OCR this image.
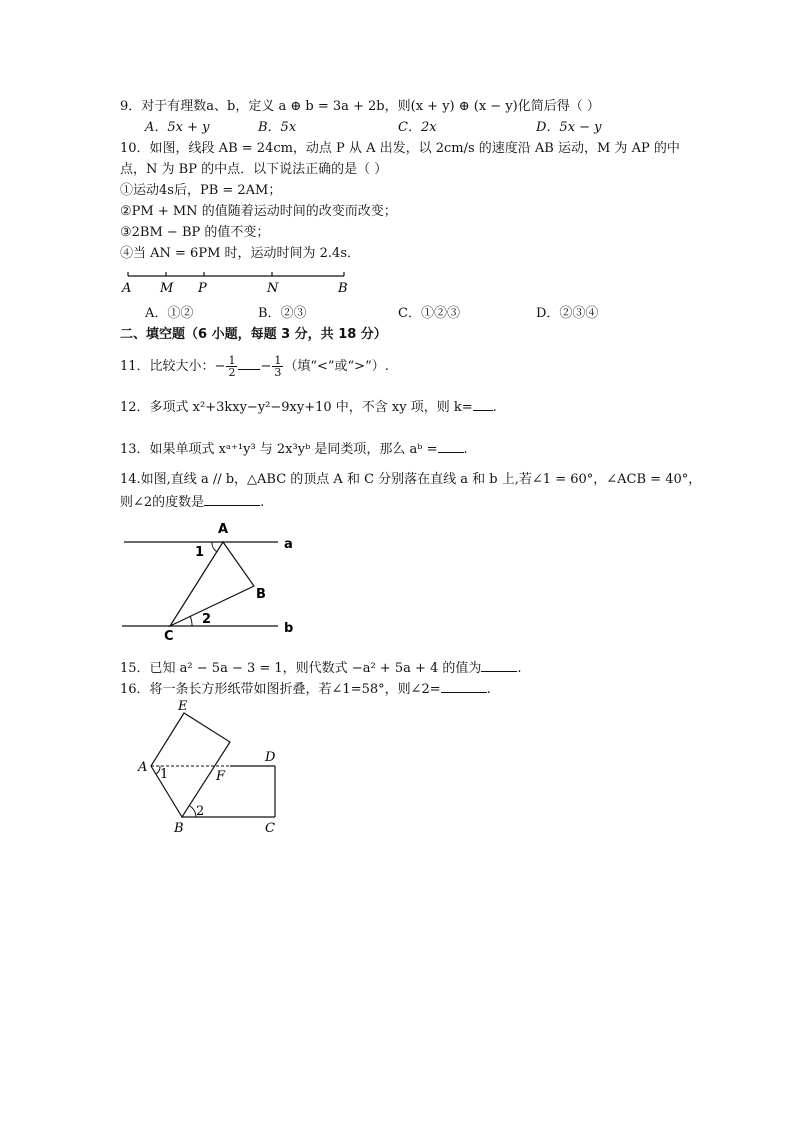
9．对于有理数a、b，定义 a ⊕ b = 3a + 2b，则(x + y) ⊕ (x − y)化简后得（ ）
A．5x + y	B．5x	C．2x	D．5x − y
10．如图，线段 AB = 24cm，动点 P 从 A 出发，以 2cm/s 的速度沿 AB 运动，M 为 AP 的中
点，N 为 BP 的中点．以下说法正确的是（ ）
①运动4s后，PB = 2AM；
②PM + MN 的值随着运动时间的改变而改变；
③2BM − BP 的值不变；
④当 AN = 6PM 时，运动时间为 2.4s．
A M P	N	B
A．①②	B．②③	C．①②③	D．②③④
二、填空题（6 小题，每题 3 分，共 18 分）
11．比较大小：− $\frac{1}{2} - \frac{1}{3}$ （填“<”或“>”）.
12．多项式 x²+3kxy−y²−9xy+10 中，不含 xy 项，则 k= .
13．如果单项式 xᵃ⁺¹y³ 与 2x³yᵇ 是同类项，那么 aᵇ = .
14.如图,直线 a // b，△ABC 的顶点 A 和 C 分别落在直线 a 和 b 上,若∠1 = 60°，∠ACB = 40°，
则∠2的度数是	.
A
a
1
B
2
C
b
15．已知 a² − 5a − 3 = 1，则代数式 −a² + 5a + 4 的值为	.
16．将一条长方形纸带如图折叠，若∠1=58°，则∠2=	.
E
A 1	F
D
2
B	C
